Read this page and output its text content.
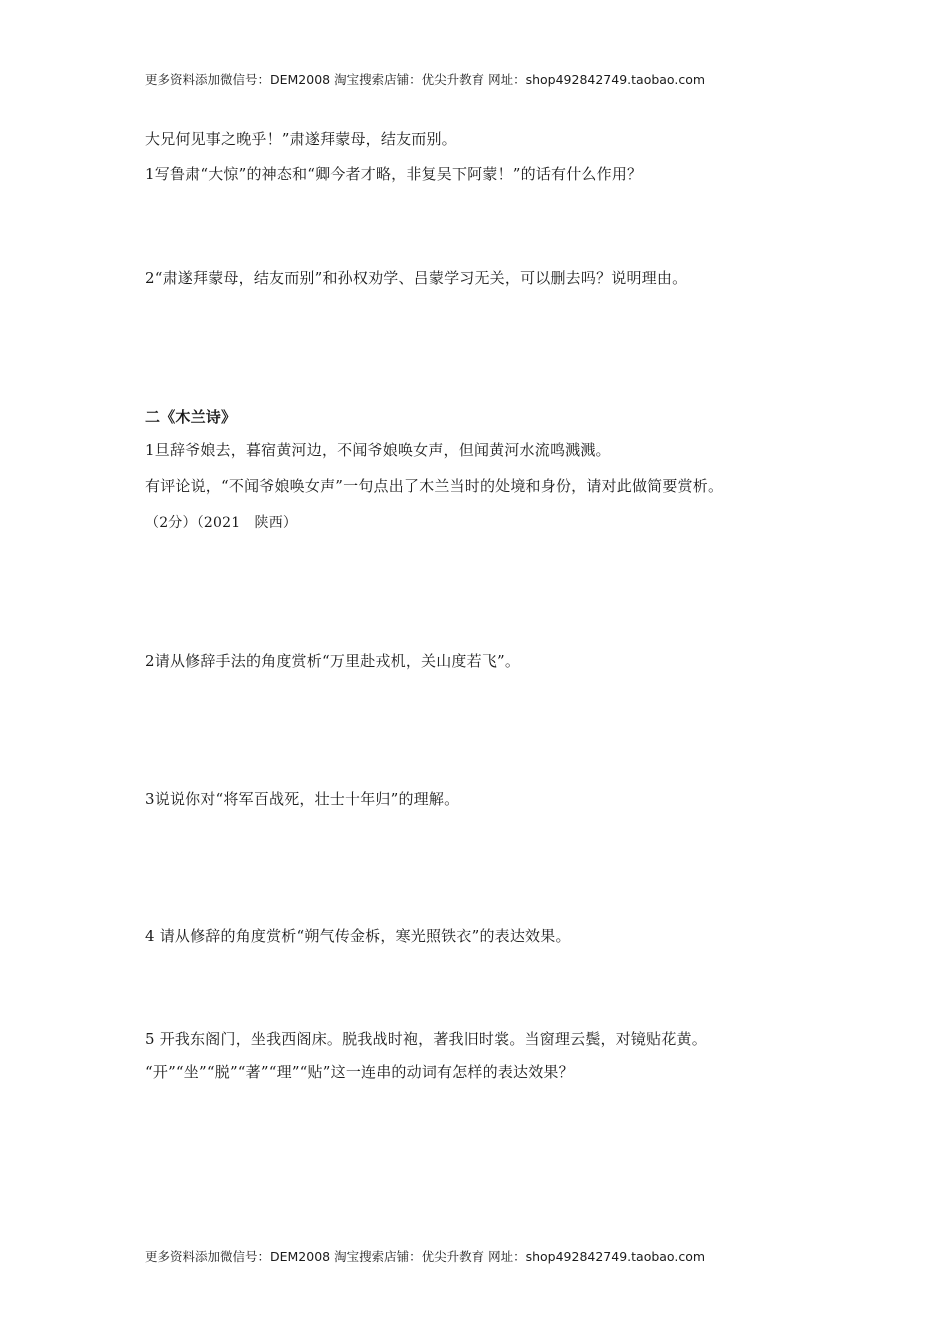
更多资料添加微信号：DEM2008 淘宝搜索店铺：优尖升教育 网址：shop492842749.taobao.com
大兄何见事之晚乎！”肃遂拜蒙母，结友而别。
1写鲁肃“大惊”的神态和“卿今者才略，非复吴下阿蒙！”的话有什么作用？
2“肃遂拜蒙母，结友而别”和孙权劝学、吕蒙学习无关，可以删去吗？说明理由。
二《木兰诗》
1旦辞爷娘去，暮宿黄河边，不闻爷娘唤女声，但闻黄河水流鸣溅溅。
有评论说，“不闻爷娘唤女声”一句点出了木兰当时的处境和身份，请对此做简要赏析。
（2分）（2021　陕西）
2请从修辞手法的角度赏析“万里赴戎机，关山度若飞”。
3说说你对“将军百战死，壮士十年归”的理解。
4 请从修辞的角度赏析“朔气传金柝，寒光照铁衣”的表达效果。
5 开我东阁门，坐我西阁床。脱我战时袍，著我旧时裳。当窗理云鬓，对镜贴花黄。
“开”“坐”“脱”“著”“理”“贴”这一连串的动词有怎样的表达效果？
更多资料添加微信号：DEM2008 淘宝搜索店铺：优尖升教育 网址：shop492842749.taobao.com
